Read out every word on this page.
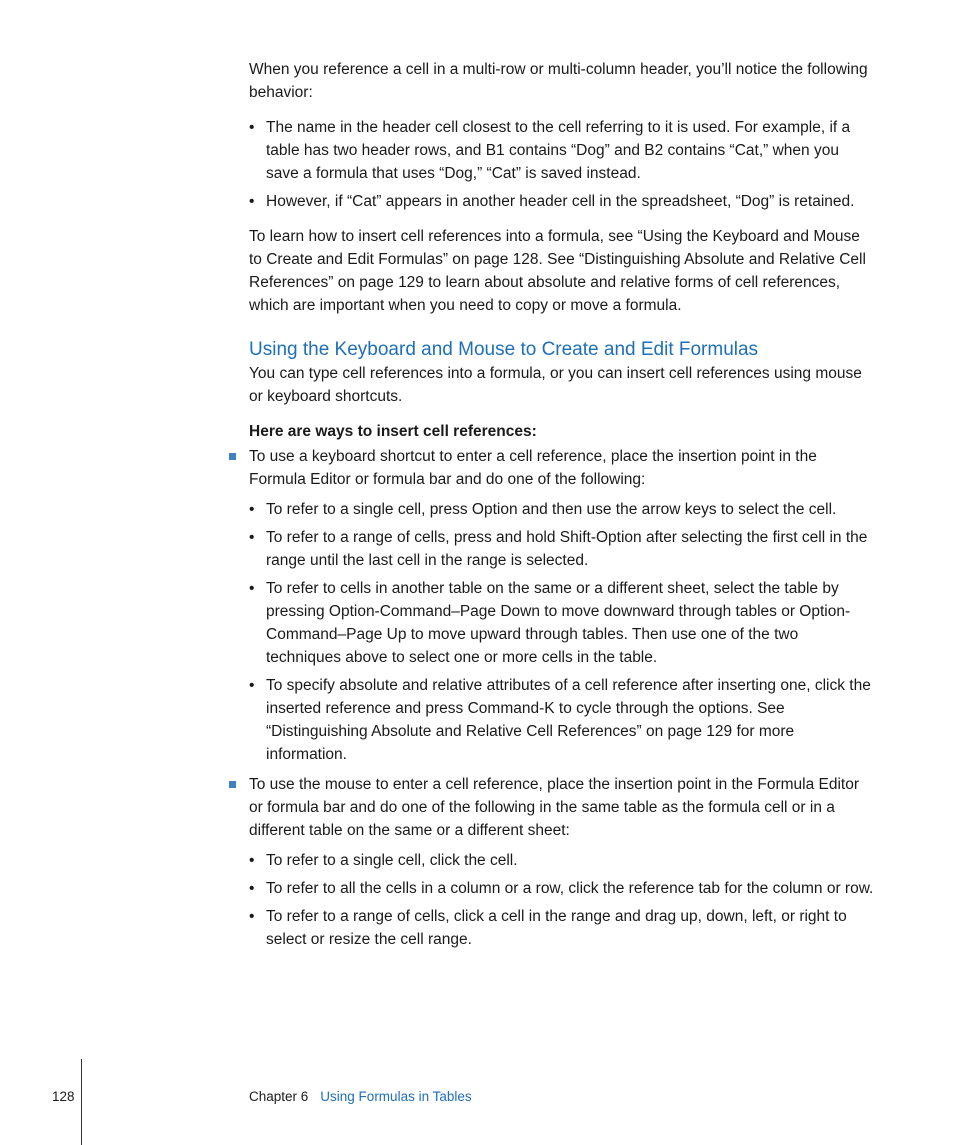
When you reference a cell in a multi-row or multi-column header, you’ll notice the following behavior:

• The name in the header cell closest to the cell referring to it is used. For example, if a table has two header rows, and B1 contains “Dog” and B2 contains “Cat,” when you save a formula that uses “Dog,” “Cat” is saved instead.
• However, if “Cat” appears in another header cell in the spreadsheet, “Dog” is retained.

To learn how to insert cell references into a formula, see “Using the Keyboard and Mouse to Create and Edit Formulas” on page 128. See “Distinguishing Absolute and Relative Cell References” on page 129 to learn about absolute and relative forms of cell references, which are important when you need to copy or move a formula.

Using the Keyboard and Mouse to Create and Edit Formulas

You can type cell references into a formula, or you can insert cell references using mouse or keyboard shortcuts.

Here are ways to insert cell references:

To use a keyboard shortcut to enter a cell reference, place the insertion point in the Formula Editor or formula bar and do one of the following:

• To refer to a single cell, press Option and then use the arrow keys to select the cell.
• To refer to a range of cells, press and hold Shift-Option after selecting the first cell in the range until the last cell in the range is selected.
• To refer to cells in another table on the same or a different sheet, select the table by pressing Option-Command–Page Down to move downward through tables or Option-Command–Page Up to move upward through tables. Then use one of the two techniques above to select one or more cells in the table.
• To specify absolute and relative attributes of a cell reference after inserting one, click the inserted reference and press Command-K to cycle through the options. See “Distinguishing Absolute and Relative Cell References” on page 129 for more information.

To use the mouse to enter a cell reference, place the insertion point in the Formula Editor or formula bar and do one of the following in the same table as the formula cell or in a different table on the same or a different sheet:

• To refer to a single cell, click the cell.
• To refer to all the cells in a column or a row, click the reference tab for the column or row.
• To refer to a range of cells, click a cell in the range and drag up, down, left, or right to select or resize the cell range.
128	Chapter 6 Using Formulas in Tables
